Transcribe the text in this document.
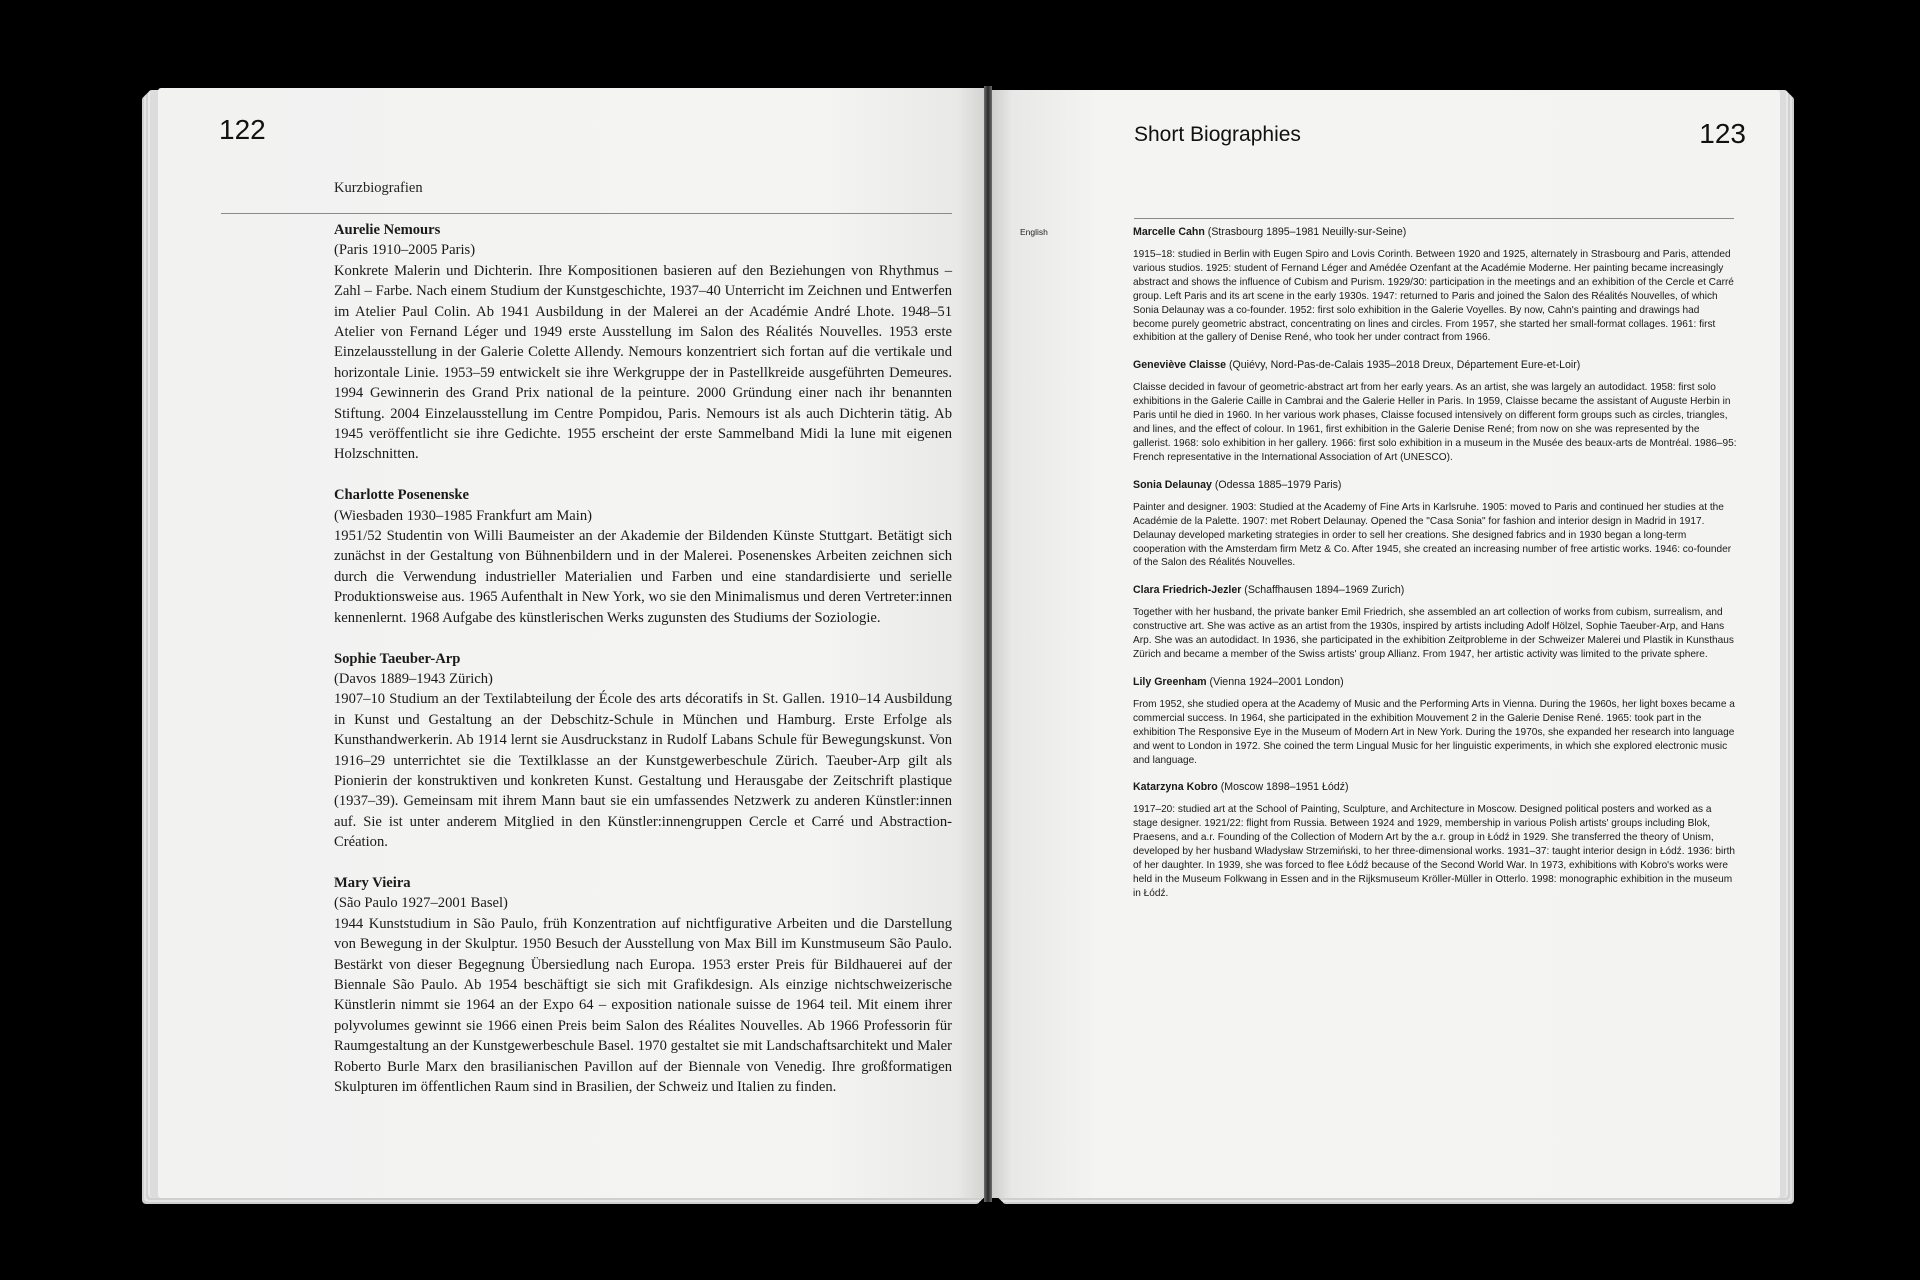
122
Kurzbiografien
Aurelie Nemours
(Paris 1910–2005 Paris)
Konkrete Malerin und Dichterin. Ihre Kompositionen basieren auf den Beziehungen von Rhythmus – Zahl – Farbe. Nach einem Studium der Kunstgeschichte, 1937–40 Unterricht im Zeichnen und Entwerfen im Atelier Paul Colin. Ab 1941 Ausbildung in der Malerei an der Académie André Lhote. 1948–51 Atelier von Fernand Léger und 1949 erste Ausstellung im Salon des Réalités Nouvelles. 1953 erste Einzelausstellung in der Galerie Colette Allendy. Nemours konzentriert sich fortan auf die vertikale und horizontale Linie. 1953–59 entwickelt sie ihre Werkgruppe der in Pastellkreide ausgeführten Demeures. 1994 Gewinnerin des Grand Prix national de la peinture. 2000 Gründung einer nach ihr benannten Stiftung. 2004 Einzelausstellung im Centre Pompidou, Paris. Nemours ist als auch Dichterin tätig. Ab 1945 veröffentlicht sie ihre Gedichte. 1955 erscheint der erste Sammelband Midi la lune mit eigenen Holzschnitten.
Charlotte Posenenske
(Wiesbaden 1930–1985 Frankfurt am Main)
1951/52 Studentin von Willi Baumeister an der Akademie der Bildenden Künste Stuttgart. Betätigt sich zunächst in der Gestaltung von Bühnenbildern und in der Malerei. Posenenskes Arbeiten zeichnen sich durch die Verwendung industrieller Materialien und Farben und eine standardisierte und serielle Produktionsweise aus. 1965 Aufenthalt in New York, wo sie den Minimalismus und deren Vertreter:innen kennenlernt. 1968 Aufgabe des künstlerischen Werks zugunsten des Studiums der Soziologie.
Sophie Taeuber-Arp
(Davos 1889–1943 Zürich)
1907–10 Studium an der Textilabteilung der École des arts décoratifs in St. Gallen. 1910–14 Ausbildung in Kunst und Gestaltung an der Debschitz-Schule in München und Hamburg. Erste Erfolge als Kunsthandwerkerin. Ab 1914 lernt sie Ausdruckstanz in Rudolf Labans Schule für Bewegungskunst. Von 1916–29 unterrichtet sie die Textilklasse an der Kunstgewerbeschule Zürich. Taeuber-Arp gilt als Pionierin der konstruktiven und konkreten Kunst. Gestaltung und Herausgabe der Zeitschrift plastique (1937–39). Gemeinsam mit ihrem Mann baut sie ein umfassendes Netzwerk zu anderen Künstler:innen auf. Sie ist unter anderem Mitglied in den Künstler:innengruppen Cercle et Carré und Abstraction-Création.
Mary Vieira
(São Paulo 1927–2001 Basel)
1944 Kunststudium in São Paulo, früh Konzentration auf nichtfigurative Arbeiten und die Darstellung von Bewegung in der Skulptur. 1950 Besuch der Ausstellung von Max Bill im Kunstmuseum São Paulo. Bestärkt von dieser Begegnung Übersiedlung nach Europa. 1953 erster Preis für Bildhauerei auf der Biennale São Paulo. Ab 1954 beschäftigt sie sich mit Grafikdesign. Als einzige nichtschweizerische Künstlerin nimmt sie 1964 an der Expo 64 – exposition nationale suisse de 1964 teil. Mit einem ihrer polyvolumes gewinnt sie 1966 einen Preis beim Salon des Réalites Nouvelles. Ab 1966 Professorin für Raumgestaltung an der Kunstgewerbeschule Basel. 1970 gestaltet sie mit Landschaftsarchitekt und Maler Roberto Burle Marx den brasilianischen Pavillon auf der Biennale von Venedig. Ihre großformatigen Skulpturen im öffentlichen Raum sind in Brasilien, der Schweiz und Italien zu finden.
Short Biographies	123
English	Marcelle Cahn (Strasbourg 1895–1981 Neuilly-sur-Seine)
1915–18: studied in Berlin with Eugen Spiro and Lovis Corinth. Between 1920 and 1925, alternately in Strasbourg and Paris, attended various studios. 1925: student of Fernand Léger and Amédée Ozenfant at the Académie Moderne. Her painting became increasingly abstract and shows the influence of Cubism and Purism. 1929/30: participation in the meetings and an exhibition of the Cercle et Carré group. Left Paris and its art scene in the early 1930s. 1947: returned to Paris and joined the Salon des Réalités Nouvelles, of which Sonia Delaunay was a co-founder. 1952: first solo exhibition in the Galerie Voyelles. By now, Cahn's painting and drawings had become purely geometric abstract, concentrating on lines and circles. From 1957, she started her small-format collages. 1961: first exhibition at the gallery of Denise René, who took her under contract from 1966.
Geneviève Claisse (Quiévy, Nord-Pas-de-Calais 1935–2018 Dreux, Département Eure-et-Loir)
Claisse decided in favour of geometric-abstract art from her early years. As an artist, she was largely an autodidact. 1958: first solo exhibitions in the Galerie Caille in Cambrai and the Galerie Heller in Paris. In 1959, Claisse became the assistant of Auguste Herbin in Paris until he died in 1960. In her various work phases, Claisse focused intensively on different form groups such as circles, triangles, and lines, and the effect of colour. In 1961, first exhibition in the Galerie Denise René; from now on she was represented by the gallerist. 1968: solo exhibition in her gallery. 1966: first solo exhibition in a museum in the Musée des beaux-arts de Montréal. 1986–95: French representative in the International Association of Art (UNESCO).
Sonia Delaunay (Odessa 1885–1979 Paris)
Painter and designer. 1903: Studied at the Academy of Fine Arts in Karlsruhe. 1905: moved to Paris and continued her studies at the Académie de la Palette. 1907: met Robert Delaunay. Opened the "Casa Sonia" for fashion and interior design in Madrid in 1917. Delaunay developed marketing strategies in order to sell her creations. She designed fabrics and in 1930 began a long-term cooperation with the Amsterdam firm Metz & Co. After 1945, she created an increasing number of free artistic works. 1946: co-founder of the Salon des Réalités Nouvelles.
Clara Friedrich-Jezler (Schaffhausen 1894–1969 Zurich)
Together with her husband, the private banker Emil Friedrich, she assembled an art collection of works from cubism, surrealism, and constructive art. She was active as an artist from the 1930s, inspired by artists including Adolf Hölzel, Sophie Taeuber-Arp, and Hans Arp. She was an autodidact. In 1936, she participated in the exhibition Zeitprobleme in der Schweizer Malerei und Plastik in Kunsthaus Zürich and became a member of the Swiss artists' group Allianz. From 1947, her artistic activity was limited to the private sphere.
Lily Greenham (Vienna 1924–2001 London)
From 1952, she studied opera at the Academy of Music and the Performing Arts in Vienna. During the 1960s, her light boxes became a commercial success. In 1964, she participated in the exhibition Mouvement 2 in the Galerie Denise René. 1965: took part in the exhibition The Responsive Eye in the Museum of Modern Art in New York. During the 1970s, she expanded her research into language and went to London in 1972. She coined the term Lingual Music for her linguistic experiments, in which she explored electronic music and language.
Katarzyna Kobro (Moscow 1898–1951 Łódź)
1917–20: studied art at the School of Painting, Sculpture, and Architecture in Moscow. Designed political posters and worked as a stage designer. 1921/22: flight from Russia. Between 1924 and 1929, membership in various Polish artists' groups including Blok, Praesens, and a.r. Founding of the Collection of Modern Art by the a.r. group in Łódź in 1929. She transferred the theory of Unism, developed by her husband Władysław Strzemiński, to her three-dimensional works. 1931–37: taught interior design in Łódź. 1936: birth of her daughter. In 1939, she was forced to flee Łódź because of the Second World War. In 1973, exhibitions with Kobro's works were held in the Museum Folkwang in Essen and in the Rijksmuseum Kröller-Müller in Otterlo. 1998: monographic exhibition in the museum in Łódź.
